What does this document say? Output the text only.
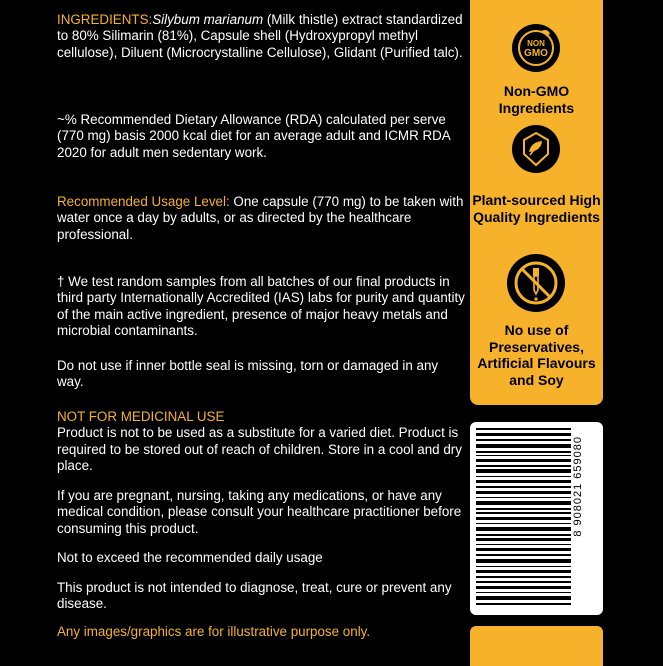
INGREDIENTS:Silybum marianum (Milk thistle) extract standardized to 80% Silimarin (81%), Capsule shell (Hydroxypropyl methyl cellulose), Diluent (Microcrystalline Cellulose), Glidant (Purified talc).

~% Recommended Dietary Allowance (RDA) calculated per serve (770 mg) basis 2000 kcal diet for an average adult and ICMR RDA 2020 for adult men sedentary work.

Recommended Usage Level: One capsule (770 mg) to be taken with water once a day by adults, or as directed by the healthcare professional.

† We test random samples from all batches of our final products in third party Internationally Accredited (IAS) labs for purity and quantity of the main active ingredient, presence of major heavy metals and microbial contaminants.

Do not use if inner bottle seal is missing, torn or damaged in any way.

NOT FOR MEDICINAL USE
Product is not to be used as a substitute for a varied diet. Product is required to be stored out of reach of children. Store in a cool and dry place.

If you are pregnant, nursing, taking any medications, or have any medical condition, please consult your healthcare practitioner before consuming this product.

Not to exceed the recommended daily usage

This product is not intended to diagnose, treat, cure or prevent any disease.

Any images/graphics are for illustrative purpose only.

NON
GMO
Non-GMO Ingredients
Plant-sourced High Quality Ingredients
No use of Preservatives, Artificial Flavours and Soy
8 908021 659080
